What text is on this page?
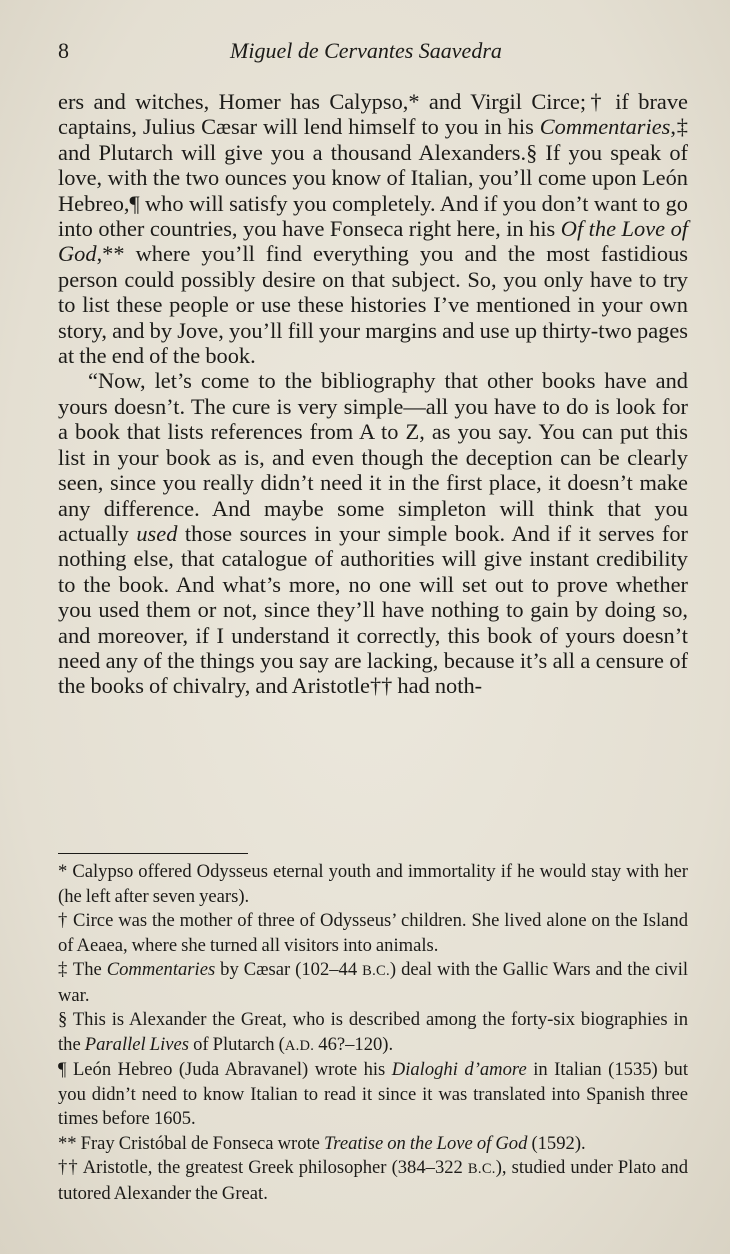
8	Miguel de Cervantes Saavedra

ers and witches, Homer has Calypso,* and Virgil Circe;† if brave captains, Julius Cæsar will lend himself to you in his Commentaries,‡ and Plutarch will give you a thousand Alexanders.§ If you speak of love, with the two ounces you know of Italian, you’ll come upon León Hebreo,¶ who will satisfy you completely. And if you don’t want to go into other countries, you have Fonseca right here, in his Of the Love of God,** where you’ll find everything you and the most fastidious person could possibly desire on that subject. So, you only have to try to list these people or use these histories I’ve mentioned in your own story, and by Jove, you’ll fill your margins and use up thirty-two pages at the end of the book.

“Now, let’s come to the bibliography that other books have and yours doesn’t. The cure is very simple—all you have to do is look for a book that lists references from A to Z, as you say. You can put this list in your book as is, and even though the deception can be clearly seen, since you really didn’t need it in the first place, it doesn’t make any difference. And maybe some simpleton will think that you actually used those sources in your simple book. And if it serves for nothing else, that catalogue of authorities will give instant credibility to the book. And what’s more, no one will set out to prove whether you used them or not, since they’ll have nothing to gain by doing so, and moreover, if I understand it correctly, this book of yours doesn’t need any of the things you say are lacking, because it’s all a censure of the books of chivalry, and Aristotle†† had noth-

* Calypso offered Odysseus eternal youth and immortality if he would stay with her (he left after seven years).

† Circe was the mother of three of Odysseus’ children. She lived alone on the Island of Aeaea, where she turned all visitors into animals.

‡ The Commentaries by Cæsar (102–44 B.C.) deal with the Gallic Wars and the civil war.

§ This is Alexander the Great, who is described among the forty-six biographies in the Parallel Lives of Plutarch (A.D. 46?–120).

¶ León Hebreo (Juda Abravanel) wrote his Dialoghi d’amore in Italian (1535) but you didn’t need to know Italian to read it since it was translated into Spanish three times before 1605.

** Fray Cristóbal de Fonseca wrote Treatise on the Love of God (1592).

†† Aristotle, the greatest Greek philosopher (384–322 B.C.), studied under Plato and tutored Alexander the Great.
